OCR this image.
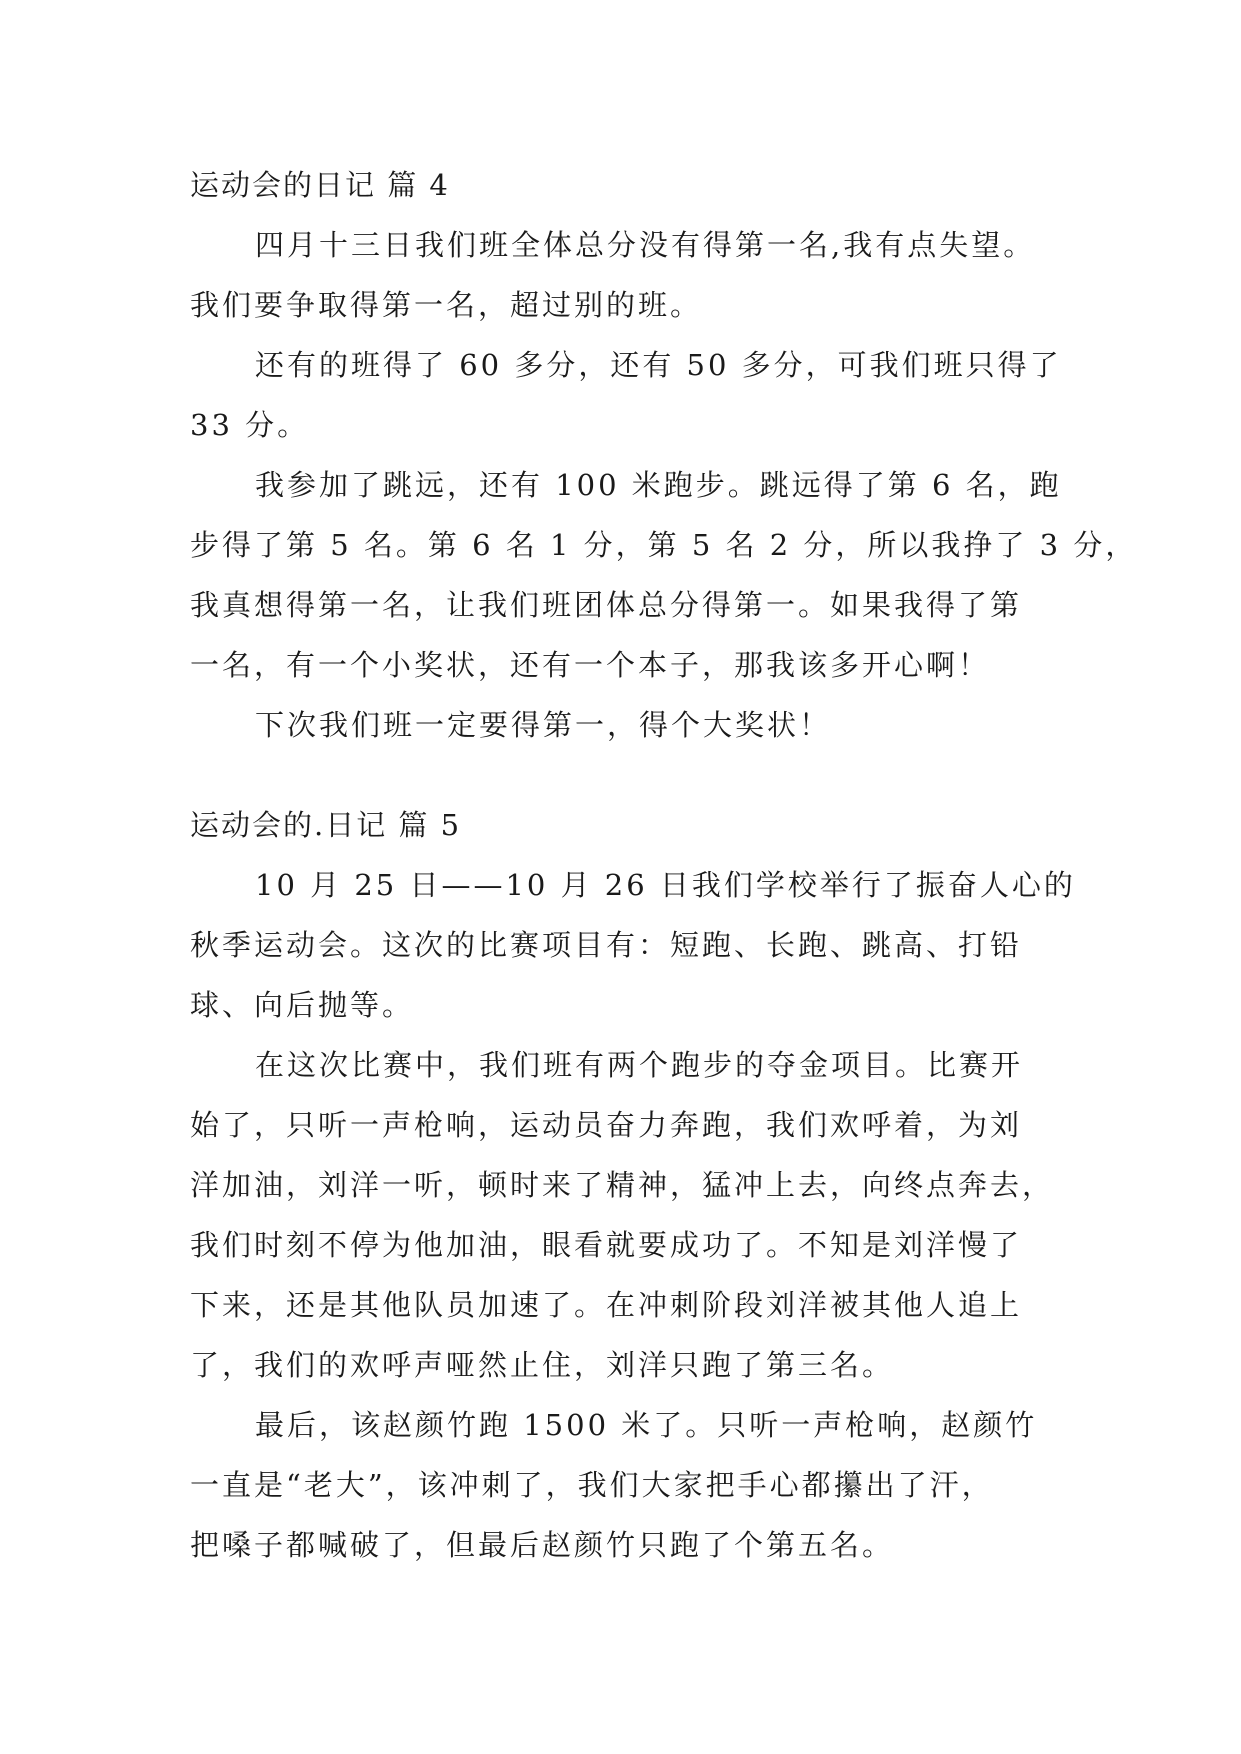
运动会的日记 篇 4
四月十三日我们班全体总分没有得第一名,我有点失望。
我们要争取得第一名，超过别的班。
还有的班得了 60 多分，还有 50 多分，可我们班只得了
33 分。
我参加了跳远，还有 100 米跑步。跳远得了第 6 名，跑
步得了第 5 名。第 6 名 1 分，第 5 名 2 分，所以我挣了 3 分，
我真想得第一名，让我们班团体总分得第一。如果我得了第
一名，有一个小奖状，还有一个本子，那我该多开心啊！
下次我们班一定要得第一，得个大奖状！
运动会的.日记 篇 5
10 月 25 日——10 月 26 日我们学校举行了振奋人心的
秋季运动会。这次的比赛项目有：短跑、长跑、跳高、打铅
球、向后抛等。
在这次比赛中，我们班有两个跑步的夺金项目。比赛开
始了，只听一声枪响，运动员奋力奔跑，我们欢呼着，为刘
洋加油，刘洋一听，顿时来了精神，猛冲上去，向终点奔去，
我们时刻不停为他加油，眼看就要成功了。不知是刘洋慢了
下来，还是其他队员加速了。在冲刺阶段刘洋被其他人追上
了，我们的欢呼声哑然止住，刘洋只跑了第三名。
最后，该赵颜竹跑 1500 米了。只听一声枪响，赵颜竹
一直是“老大”，该冲刺了，我们大家把手心都攥出了汗，
把嗓子都喊破了，但最后赵颜竹只跑了个第五名。
